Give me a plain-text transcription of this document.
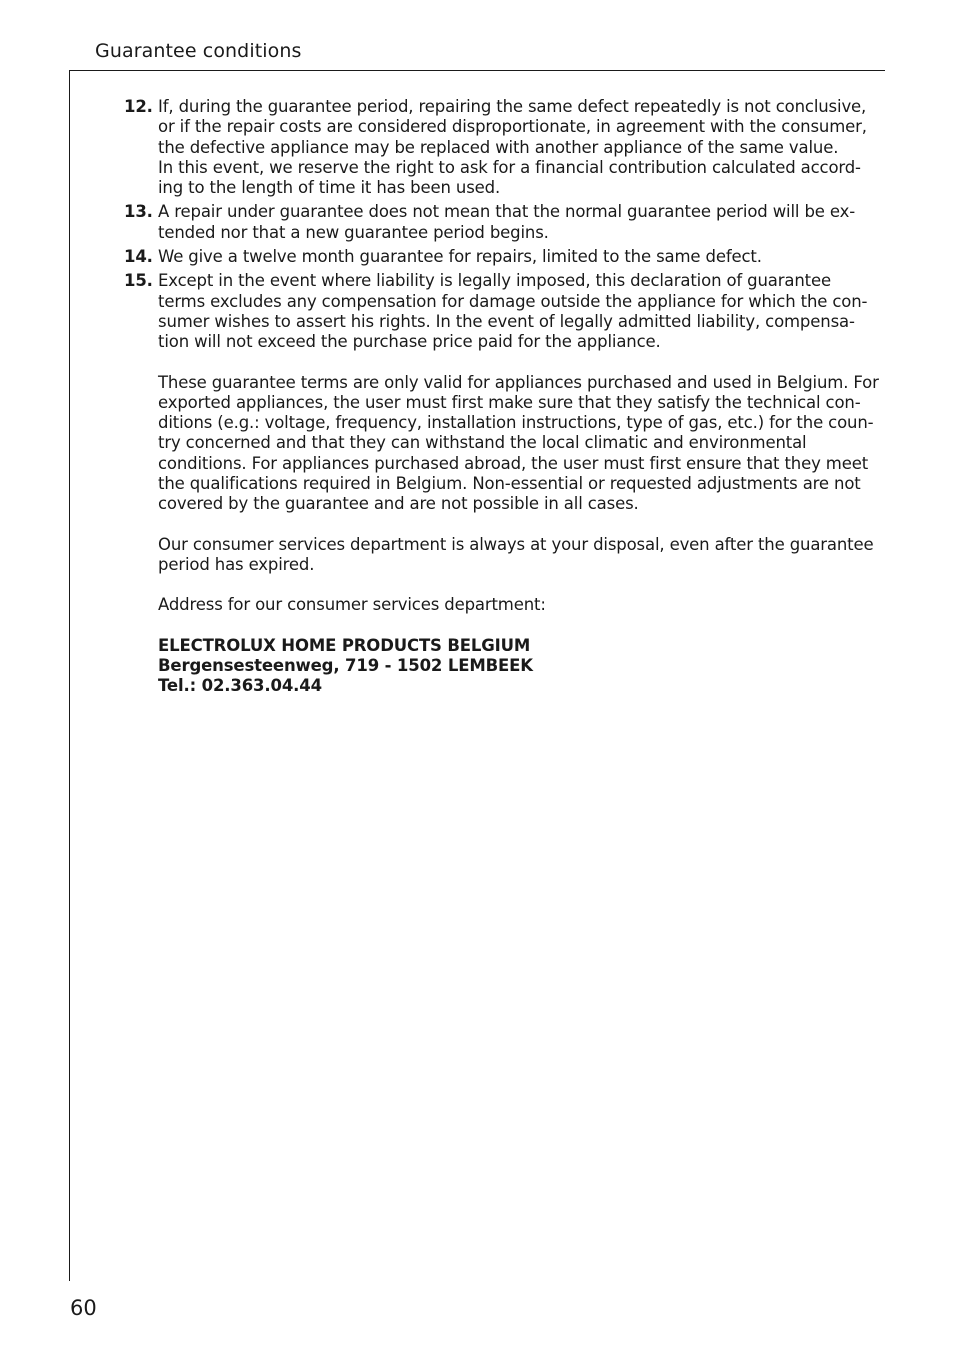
Guarantee conditions
12. If, during the guarantee period, repairing the same defect repeatedly is not conclusive,
or if the repair costs are considered disproportionate, in agreement with the consumer,
the defective appliance may be replaced with another appliance of the same value.
In this event, we reserve the right to ask for a financial contribution calculated accord-
ing to the length of time it has been used.
13. A repair under guarantee does not mean that the normal guarantee period will be ex-
tended nor that a new guarantee period begins.
14. We give a twelve month guarantee for repairs, limited to the same defect.
15. Except in the event where liability is legally imposed, this declaration of guarantee
terms excludes any compensation for damage outside the appliance for which the con-
sumer wishes to assert his rights. In the event of legally admitted liability, compensa-
tion will not exceed the purchase price paid for the appliance.
These guarantee terms are only valid for appliances purchased and used in Belgium. For
exported appliances, the user must first make sure that they satisfy the technical con-
ditions (e.g.: voltage, frequency, installation instructions, type of gas, etc.) for the coun-
try concerned and that they can withstand the local climatic and environmental
conditions. For appliances purchased abroad, the user must first ensure that they meet
the qualifications required in Belgium. Non-essential or requested adjustments are not
covered by the guarantee and are not possible in all cases.
Our consumer services department is always at your disposal, even after the guarantee
period has expired.
Address for our consumer services department:
ELECTROLUX HOME PRODUCTS BELGIUM
Bergensesteenweg, 719 - 1502 LEMBEEK
Tel.: 02.363.04.44
60
